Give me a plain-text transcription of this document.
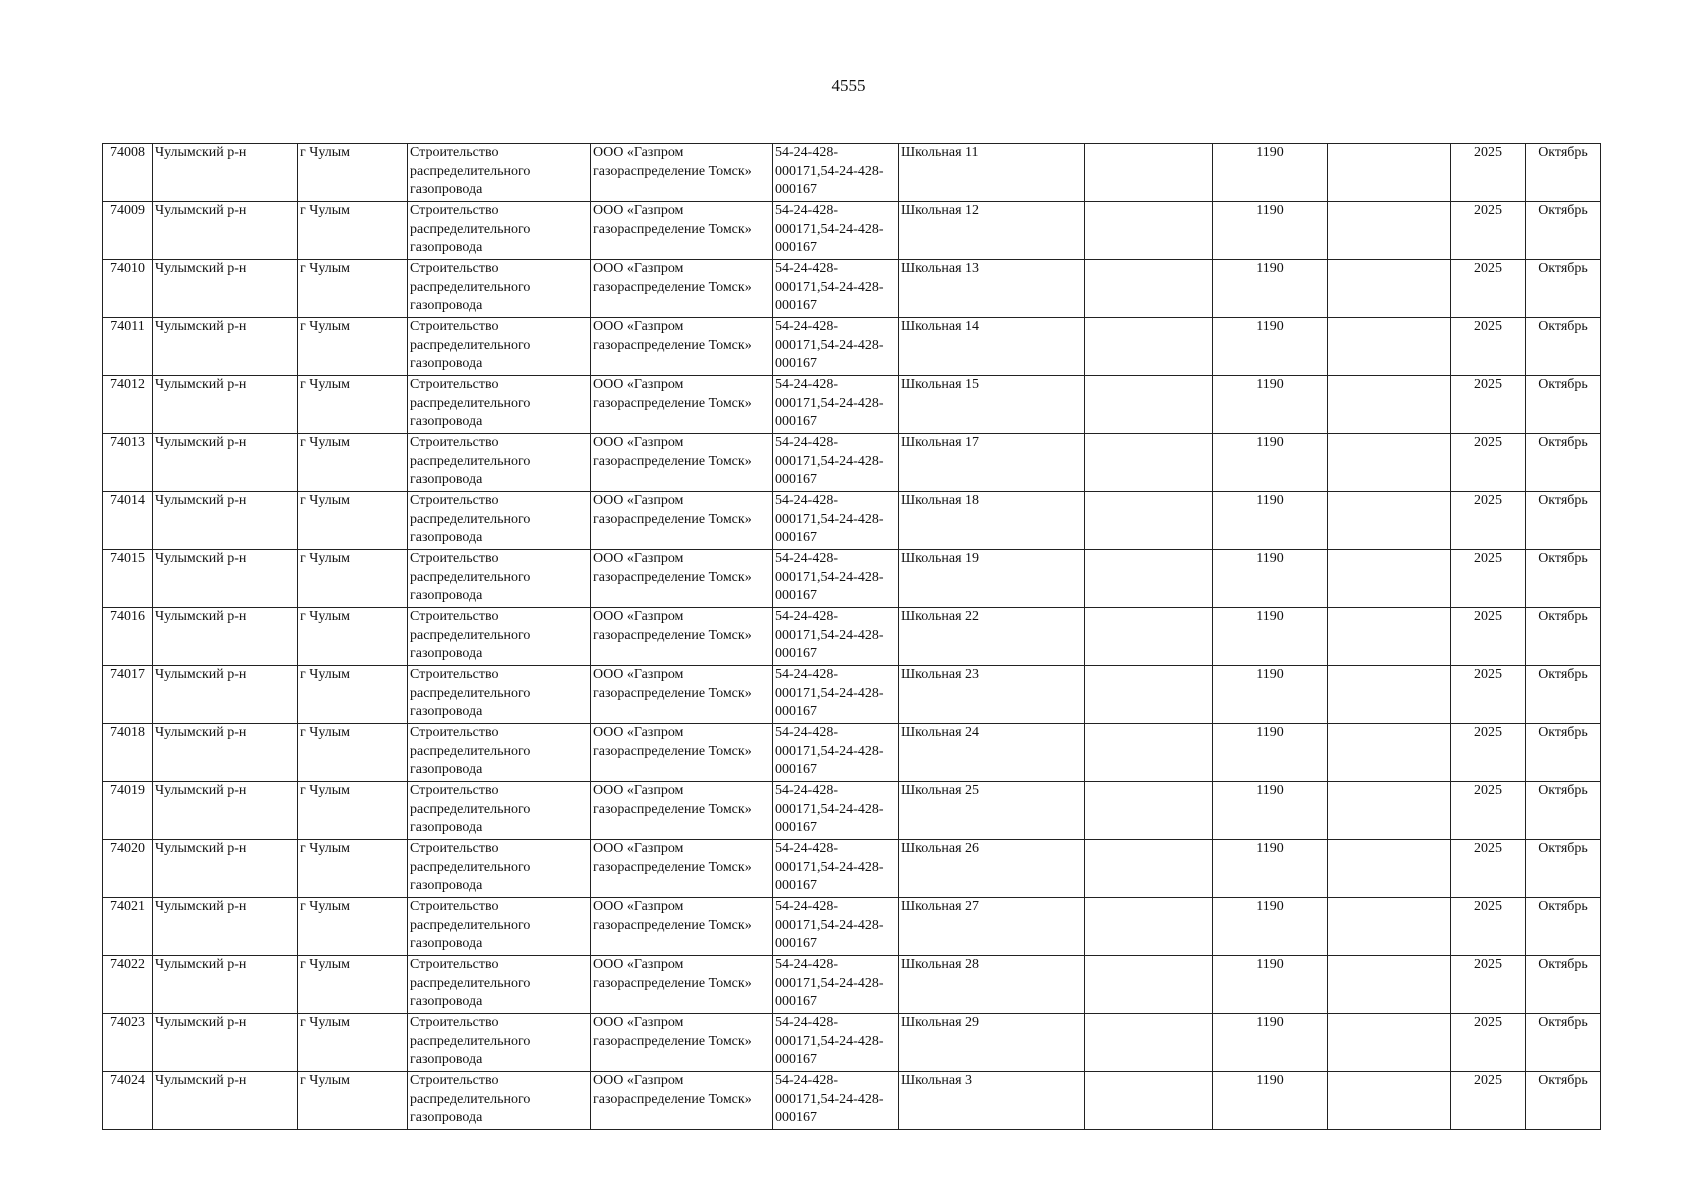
4555
74008	Чулымский р-н	г Чулым	Строительство распределительного газопровода	ООО «Газпром газораспределение Томск»	54-24-428-000171,54-24-428-000167	Школьная 11		1190		2025	Октябрь
74009	Чулымский р-н	г Чулым	Строительство распределительного газопровода	ООО «Газпром газораспределение Томск»	54-24-428-000171,54-24-428-000167	Школьная 12		1190		2025	Октябрь
74010	Чулымский р-н	г Чулым	Строительство распределительного газопровода	ООО «Газпром газораспределение Томск»	54-24-428-000171,54-24-428-000167	Школьная 13		1190		2025	Октябрь
74011	Чулымский р-н	г Чулым	Строительство распределительного газопровода	ООО «Газпром газораспределение Томск»	54-24-428-000171,54-24-428-000167	Школьная 14		1190		2025	Октябрь
74012	Чулымский р-н	г Чулым	Строительство распределительного газопровода	ООО «Газпром газораспределение Томск»	54-24-428-000171,54-24-428-000167	Школьная 15		1190		2025	Октябрь
74013	Чулымский р-н	г Чулым	Строительство распределительного газопровода	ООО «Газпром газораспределение Томск»	54-24-428-000171,54-24-428-000167	Школьная 17		1190		2025	Октябрь
74014	Чулымский р-н	г Чулым	Строительство распределительного газопровода	ООО «Газпром газораспределение Томск»	54-24-428-000171,54-24-428-000167	Школьная 18		1190		2025	Октябрь
74015	Чулымский р-н	г Чулым	Строительство распределительного газопровода	ООО «Газпром газораспределение Томск»	54-24-428-000171,54-24-428-000167	Школьная 19		1190		2025	Октябрь
74016	Чулымский р-н	г Чулым	Строительство распределительного газопровода	ООО «Газпром газораспределение Томск»	54-24-428-000171,54-24-428-000167	Школьная 22		1190		2025	Октябрь
74017	Чулымский р-н	г Чулым	Строительство распределительного газопровода	ООО «Газпром газораспределение Томск»	54-24-428-000171,54-24-428-000167	Школьная 23		1190		2025	Октябрь
74018	Чулымский р-н	г Чулым	Строительство распределительного газопровода	ООО «Газпром газораспределение Томск»	54-24-428-000171,54-24-428-000167	Школьная 24		1190		2025	Октябрь
74019	Чулымский р-н	г Чулым	Строительство распределительного газопровода	ООО «Газпром газораспределение Томск»	54-24-428-000171,54-24-428-000167	Школьная 25		1190		2025	Октябрь
74020	Чулымский р-н	г Чулым	Строительство распределительного газопровода	ООО «Газпром газораспределение Томск»	54-24-428-000171,54-24-428-000167	Школьная 26		1190		2025	Октябрь
74021	Чулымский р-н	г Чулым	Строительство распределительного газопровода	ООО «Газпром газораспределение Томск»	54-24-428-000171,54-24-428-000167	Школьная 27		1190		2025	Октябрь
74022	Чулымский р-н	г Чулым	Строительство распределительного газопровода	ООО «Газпром газораспределение Томск»	54-24-428-000171,54-24-428-000167	Школьная 28		1190		2025	Октябрь
74023	Чулымский р-н	г Чулым	Строительство распределительного газопровода	ООО «Газпром газораспределение Томск»	54-24-428-000171,54-24-428-000167	Школьная 29		1190		2025	Октябрь
74024	Чулымский р-н	г Чулым	Строительство распределительного газопровода	ООО «Газпром газораспределение Томск»	54-24-428-000171,54-24-428-000167	Школьная 3		1190		2025	Октябрь
